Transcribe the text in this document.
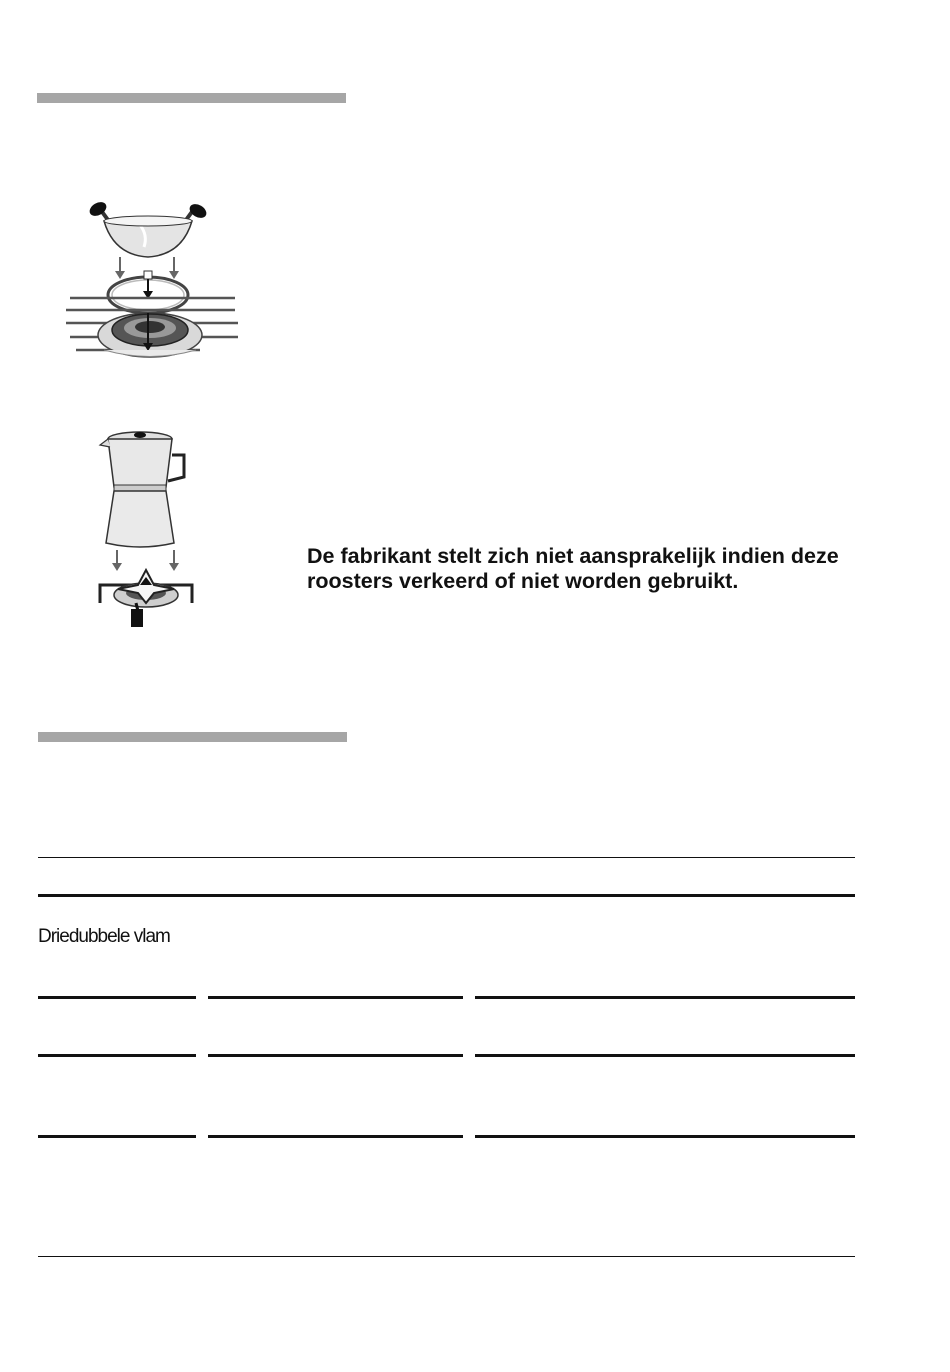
De fabrikant stelt zich niet aansprakelijk indien deze
roosters verkeerd of niet worden gebruikt.
Driedubbele vlam
